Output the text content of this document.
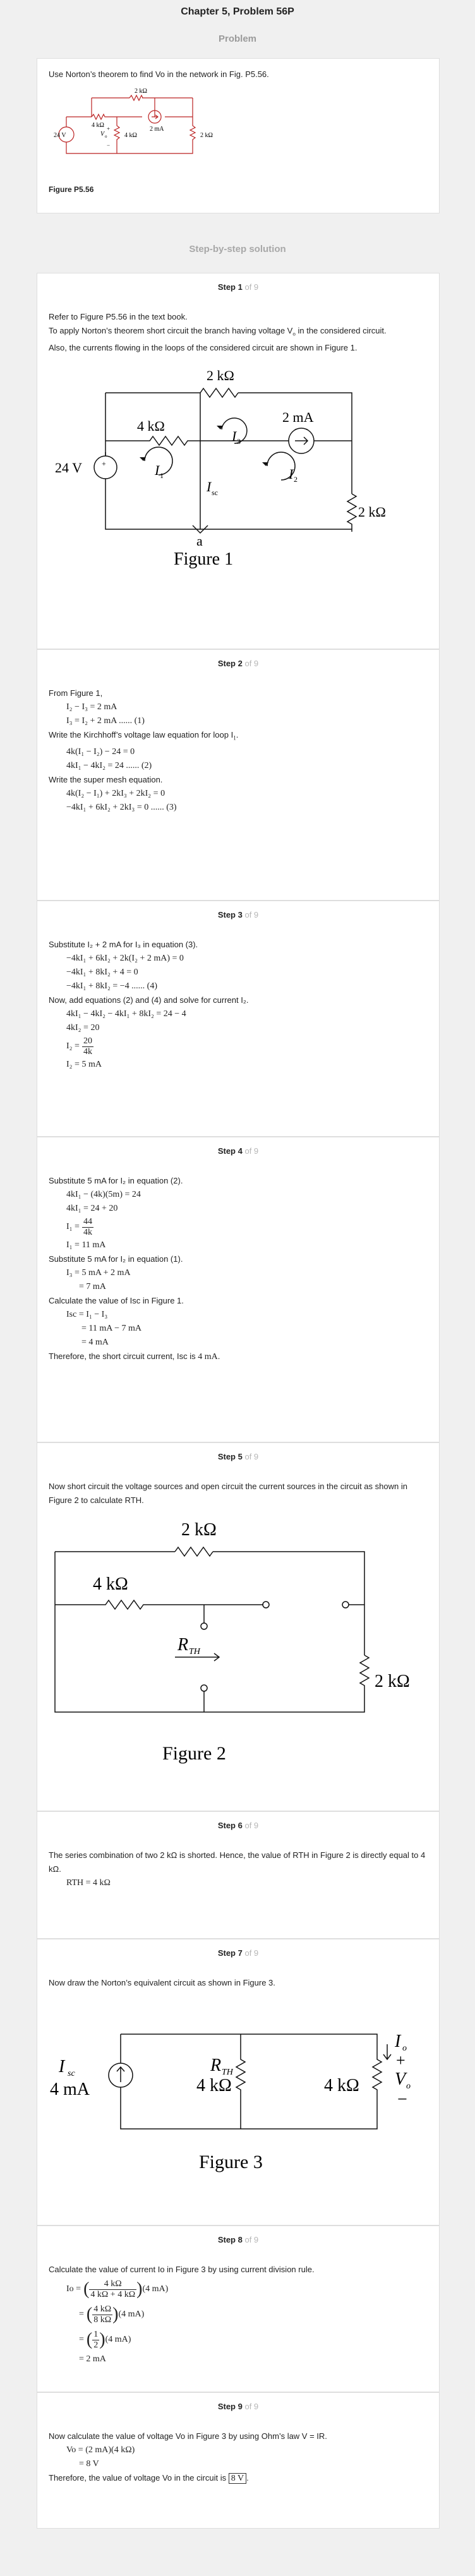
Chapter 5, Problem 56P
Problem
Use Norton’s theorem to find Vo in the network in Fig. P5.56.
2 kΩ
4 kΩ
2 mA
24 V	4 kΩ	2 kΩ
V o
+
−
Figure P5.56
Step-by-step solution
Step 1 of 9
Refer to Figure P5.56 in the text book.
To apply Norton’s theorem short circuit the branch having voltage $V_o$ in the considered circuit.
Also, the currents flowing in the loops of the considered circuit are shown in Figure 1.
2 kΩ
4 kΩ
2 mA
24 V	+
2 kΩ
I 1	I 2
I 3
I sc
a
Figure 1
Step 2 of 9
From Figure 1,
I₂ − I₃ = 2 mA
I₃ = I₂ + 2 mA ...... (1)
Write the Kirchhoff’s voltage law equation for loop $I_1$.
4k(I₁ − I₂) − 24 = 0
4kI₁ − 4kI₂ = 24 ...... (2)
Write the super mesh equation.
4k(I₂ − I₁) + 2kI₃ + 2kI₂ = 0
−4kI₁ + 6kI₂ + 2kI₃ = 0 ...... (3)
Step 3 of 9
Substitute I₂ + 2 mA for I₃ in equation (3).
−4kI₁ + 6kI₂ + 2k(I₂ + 2 mA) = 0
−4kI₁ + 8kI₂ + 4 = 0
−4kI₁ + 8kI₂ = −4 ...... (4)
Now, add equations (2) and (4) and solve for current I₂.
4kI₁ − 4kI₂ − 4kI₁ + 8kI₂ = 24 − 4
4kI₂ = 20
$I_2 = \frac{20}{4k}$
I₂ = 5 mA
Step 4 of 9
Substitute 5 mA for I₂ in equation (2).
4kI₁ − (4k)(5m) = 24
4kI₁ = 24 + 20
$I_1 = \frac{44}{4k}$
I₁ = 11 mA
Substitute 5 mA for I₂ in equation (1).
I₃ = 5 mA + 2 mA
= 7 mA
Calculate the value of Isc in Figure 1.
Isc = I₁ − I₃
= 11 mA − 7 mA
= 4 mA
Therefore, the short circuit current, Isc is 4 mA.
Step 5 of 9
Now short circuit the voltage sources and open circuit the current sources in the circuit as shown in Figure 2 to calculate RTH.
2 kΩ
4 kΩ
2 kΩ
R TH
Figure 2
Step 6 of 9
The series combination of two 2 kΩ is shorted. Hence, the value of RTH in Figure 2 is directly equal to 4 kΩ.
RTH = 4 kΩ
Step 7 of 9
Now draw the Norton’s equivalent circuit as shown in Figure 3.
I sc
4 mA
R TH
4 kΩ	4 kΩ
I o
+
V o
−
Figure 3
Step 8 of 9
Calculate the value of current Io in Figure 3 by using current division rule.
Io = ( 4 kΩ
4 kΩ + 4 kΩ ) (4 mA)
= ( 4 kΩ
8 kΩ ) (4 mA)
= ( 1
2 ) (4 mA)
= 2 mA
Step 9 of 9
Now calculate the value of voltage Vo in Figure 3 by using Ohm’s law V = IR.
Vo = (2 mA)(4 kΩ)
= 8 V
Therefore, the value of voltage Vo in the circuit is 8 V .
